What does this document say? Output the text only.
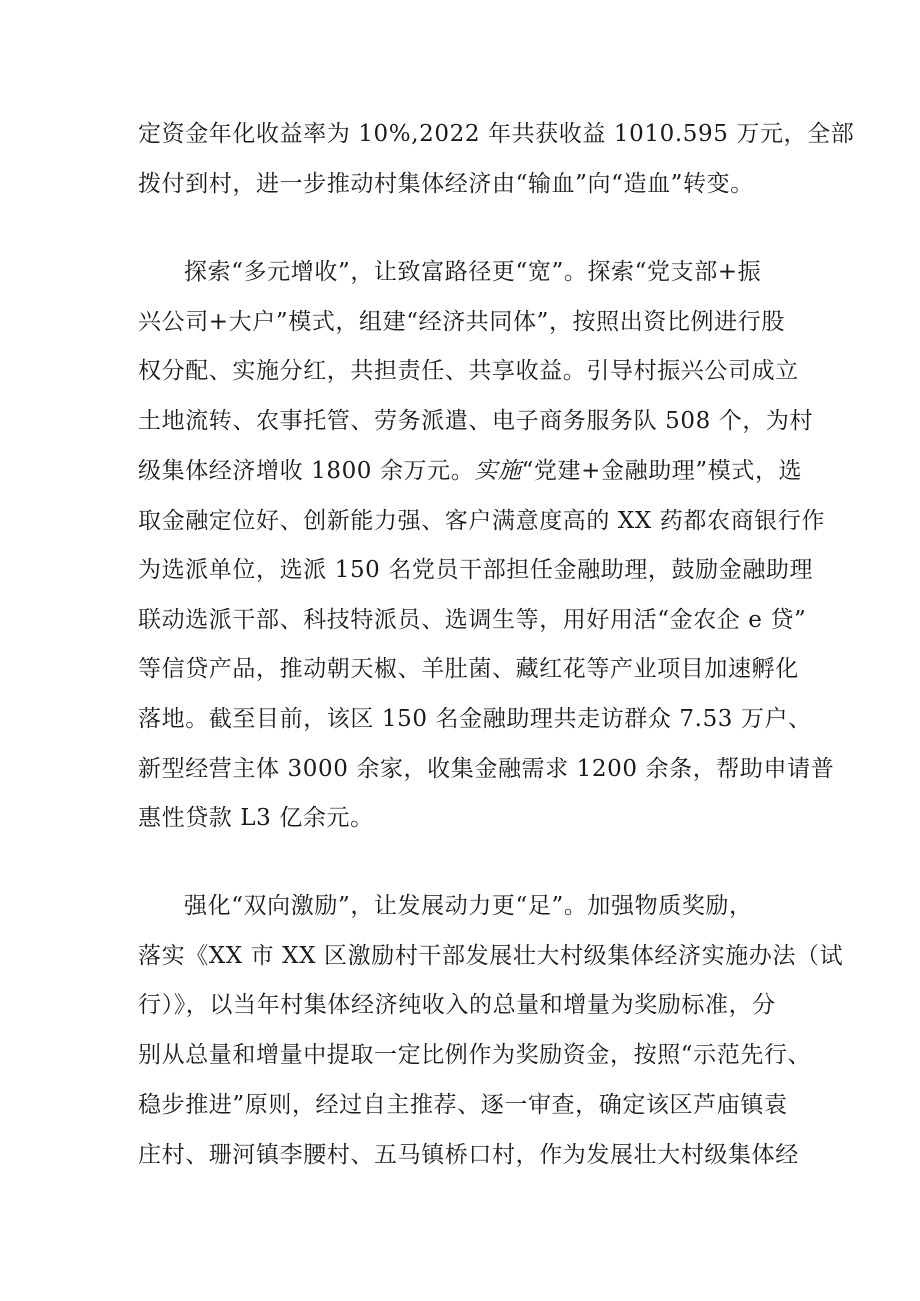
定资金年化收益率为 10%,2022 年共获收益 1010.595 万元，全部
拨付到村，进一步推动村集体经济由“输血”向“造血”转变。
探索“多元增收”，让致富路径更“宽”。探索“党支部+振
兴公司+大户”模式，组建“经济共同体”，按照出资比例进行股
权分配、实施分红，共担责任、共享收益。引导村振兴公司成立
土地流转、农事托管、劳务派遣、电子商务服务队 508 个，为村
级集体经济增收 1800 余万元。实施“党建+金融助理”模式，选
取金融定位好、创新能力强、客户满意度高的 XX 药都农商银行作
为选派单位，选派 150 名党员干部担任金融助理，鼓励金融助理
联动选派干部、科技特派员、选调生等，用好用活“金农企 e 贷”
等信贷产品，推动朝天椒、羊肚菌、藏红花等产业项目加速孵化
落地。截至目前，该区 150 名金融助理共走访群众 7.53 万户、
新型经营主体 3000 余家，收集金融需求 1200 余条，帮助申请普
惠性贷款 L3 亿余元。
强化“双向激励”，让发展动力更“足”。加强物质奖励，
落实《XX 市 XX 区激励村干部发展壮大村级集体经济实施办法（试
行）》，以当年村集体经济纯收入的总量和增量为奖励标准，分
别从总量和增量中提取一定比例作为奖励资金，按照“示范先行、
稳步推进”原则，经过自主推荐、逐一审查，确定该区芦庙镇袁
庄村、珊河镇李腰村、五马镇桥口村，作为发展壮大村级集体经
